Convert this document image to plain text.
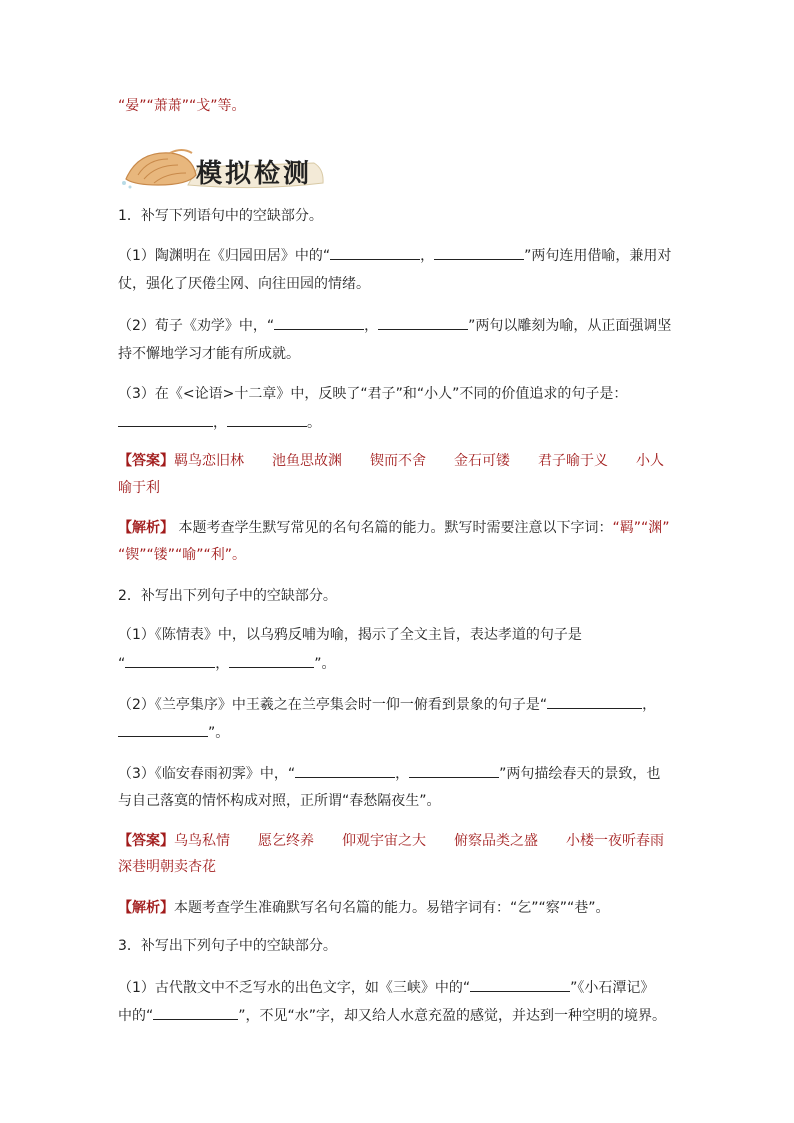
“晏”“萧萧”“戈”等。
模拟检测
1．补写下列语句中的空缺部分。
（1）陶渊明在《归园田居》中的“	，	”两句连用借喻，兼用对
仗，强化了厌倦尘网、向往田园的情绪。
（2）荀子《劝学》中，“	，	”两句以雕刻为喻，从正面强调坚
持不懈地学习才能有所成就。
（3）在《<论语>十二章》中，反映了“君子”和“小人”不同的价值追求的句子是：
，	。
【答案】羁鸟恋旧林 池鱼思故渊 锲而不舍 金石可镂 君子喻于义 小人
喻于利
【解析】 本题考查学生默写常见的名句名篇的能力。默写时需要注意以下字词：“羁”“渊”
“锲”“镂”“喻”“利”。
2．补写出下列句子中的空缺部分。
（1）《陈情表》中，以乌鸦反哺为喻，揭示了全文主旨，表达孝道的句子是
“	，	”。
（2）《兰亭集序》中王羲之在兰亭集会时一仰一俯看到景象的句子是“	，
”。
（3）《临安春雨初霁》中，“	，	”两句描绘春天的景致，也
与自己落寞的情怀构成对照，正所谓“春愁隔夜生”。
【答案】乌鸟私情 愿乞终养 仰观宇宙之大 俯察品类之盛 小楼一夜听春雨
深巷明朝卖杏花
【解析】本题考查学生准确默写名句名篇的能力。易错字词有：“乞”“察”“巷”。
3．补写出下列句子中的空缺部分。
（1）古代散文中不乏写水的出色文字，如《三峡》中的“	”《小石潭记》
中的“	”，不见“水”字，却又给人水意充盈的感觉，并达到一种空明的境界。
